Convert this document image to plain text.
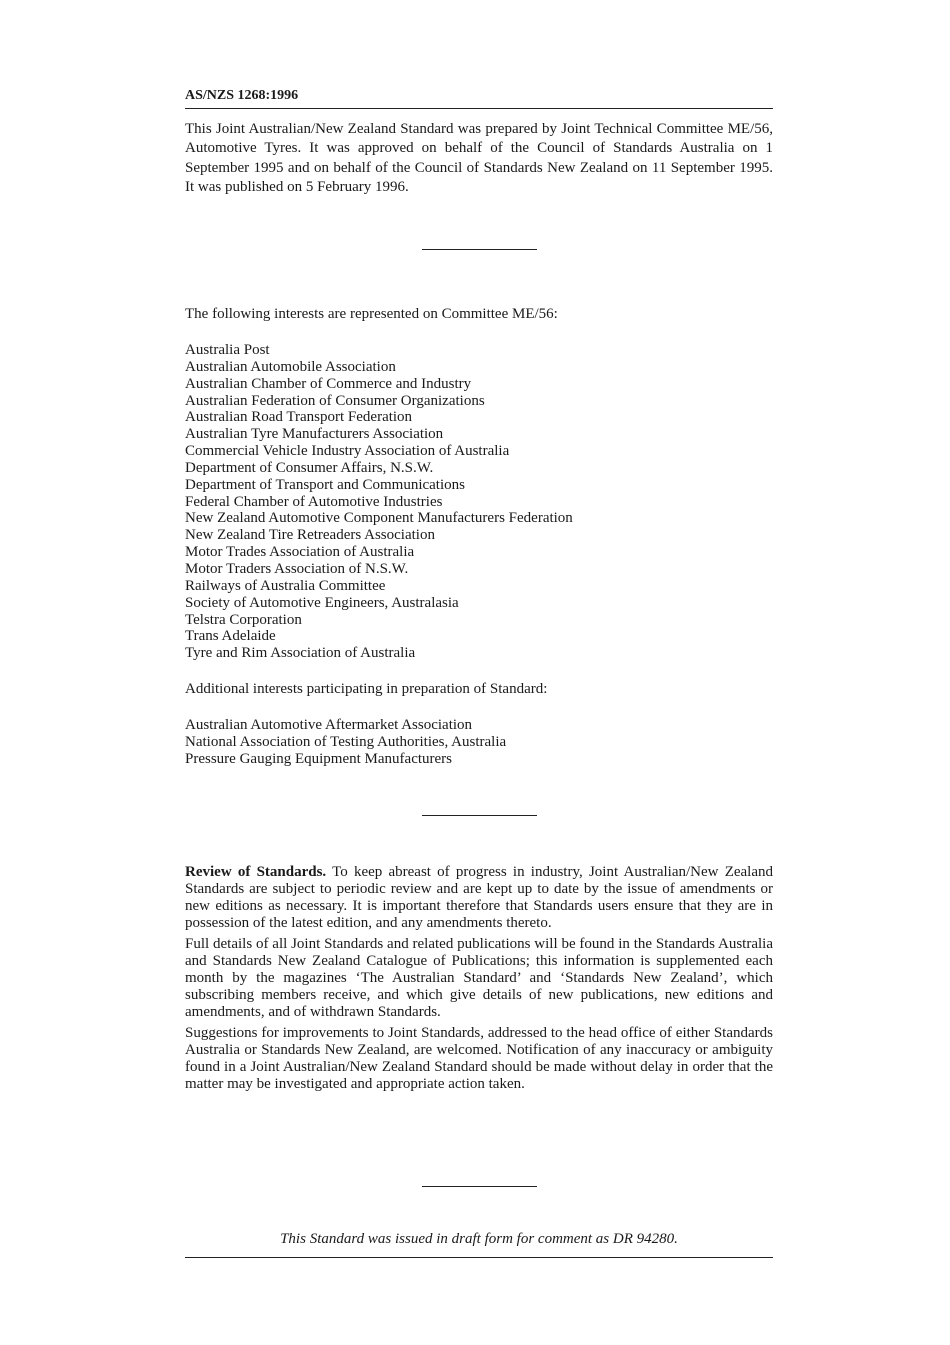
AS/NZS 1268:1996

This Joint Australian/New Zealand Standard was prepared by Joint Technical Committee ME/56, Automotive Tyres. It was approved on behalf of the Council of Standards Australia on 1 September 1995 and on behalf of the Council of Standards New Zealand on 11 September 1995. It was published on 5 February 1996.

The following interests are represented on Committee ME/56:

Australia Post
Australian Automobile Association
Australian Chamber of Commerce and Industry
Australian Federation of Consumer Organizations
Australian Road Transport Federation
Australian Tyre Manufacturers Association
Commercial Vehicle Industry Association of Australia
Department of Consumer Affairs, N.S.W.
Department of Transport and Communications
Federal Chamber of Automotive Industries
New Zealand Automotive Component Manufacturers Federation
New Zealand Tire Retreaders Association
Motor Trades Association of Australia
Motor Traders Association of N.S.W.
Railways of Australia Committee
Society of Automotive Engineers, Australasia
Telstra Corporation
Trans Adelaide
Tyre and Rim Association of Australia

Additional interests participating in preparation of Standard:

Australian Automotive Aftermarket Association
National Association of Testing Authorities, Australia
Pressure Gauging Equipment Manufacturers

Review of Standards. To keep abreast of progress in industry, Joint Australian/New Zealand Standards are subject to periodic review and are kept up to date by the issue of amendments or new editions as necessary. It is important therefore that Standards users ensure that they are in possession of the latest edition, and any amendments thereto.

Full details of all Joint Standards and related publications will be found in the Standards Australia and Standards New Zealand Catalogue of Publications; this information is supplemented each month by the magazines ‘The Australian Standard’ and ‘Standards New Zealand’, which subscribing members receive, and which give details of new publications, new editions and amendments, and of withdrawn Standards.

Suggestions for improvements to Joint Standards, addressed to the head office of either Standards Australia or Standards New Zealand, are welcomed. Notification of any inaccuracy or ambiguity found in a Joint Australian/New Zealand Standard should be made without delay in order that the matter may be investigated and appropriate action taken.

This Standard was issued in draft form for comment as DR 94280.
